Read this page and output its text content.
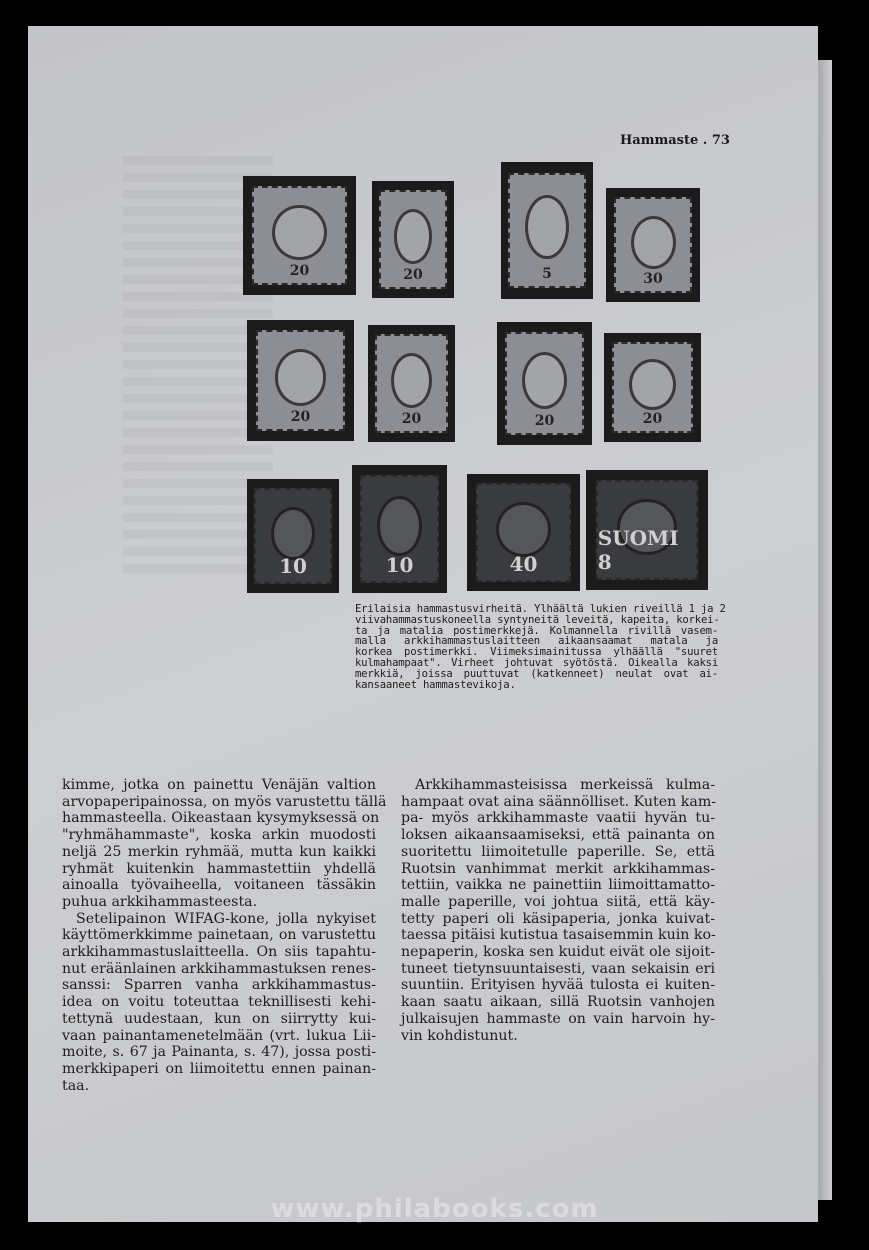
Hammaste . 73
20	20	5	30
20	20	20	20
10	10	40
SUOMI 8
Erilaisia hammastusvirheitä. Ylhäältä lukien riveillä 1 ja 2
viivahammastuskoneella syntyneitä leveitä, kapeita, korkei-
ta ja matalia postimerkkejä. Kolmannella rivillä vasem-
malla arkkihammastuslaitteen aikaansaamat matala ja
korkea postimerkki. Viimeksimainitussa ylhäällä "suuret
kulmahampaat". Virheet johtuvat syötöstä. Oikealla kaksi
merkkiä, joissa puuttuvat (katkenneet) neulat ovat ai-
kansaaneet hammastevikoja.
kimme, jotka on painettu Venäjän valtion
arvopaperipainossa, on myös varustettu tällä
hammasteella. Oikeastaan kysymyksessä on
"ryhmähammaste", koska arkin muodosti
neljä 25 merkin ryhmää, mutta kun kaikki
ryhmät kuitenkin hammastettiin yhdellä
ainoalla työvaiheella, voitaneen tässäkin
puhua arkkihammasteesta.
Setelipainon WIFAG-kone, jolla nykyiset
käyttömerkkimme painetaan, on varustettu
arkkihammastuslaitteella. On siis tapahtu-
nut eräänlainen arkkihammastuksen renes-
sanssi: Sparren vanha arkkihammastus-
idea on voitu toteuttaa teknillisesti kehi-
tettynä uudestaan, kun on siirrytty kui-
vaan painantamenetelmään (vrt. lukua Lii-
moite, s. 67 ja Painanta, s. 47), jossa posti-
merkkipaperi on liimoitettu ennen painan-
taa.
Arkkihammasteisissa merkeissä kulma-
hampaat ovat aina säännölliset. Kuten kam-
pa- myös arkkihammaste vaatii hyvän tu-
loksen aikaansaamiseksi, että painanta on
suoritettu liimoitetulle paperille. Se, että
Ruotsin vanhimmat merkit arkkihammas-
tettiin, vaikka ne painettiin liimoittamatto-
malle paperille, voi johtua siitä, että käy-
tetty paperi oli käsipaperia, jonka kuivat-
taessa pitäisi kutistua tasaisemmin kuin ko-
nepaperin, koska sen kuidut eivät ole sijoit-
tuneet tietynsuuntaisesti, vaan sekaisin eri
suuntiin. Erityisen hyvää tulosta ei kuiten-
kaan saatu aikaan, sillä Ruotsin vanhojen
julkaisujen hammaste on vain harvoin hy-
vin kohdistunut.
www.philabooks.com
